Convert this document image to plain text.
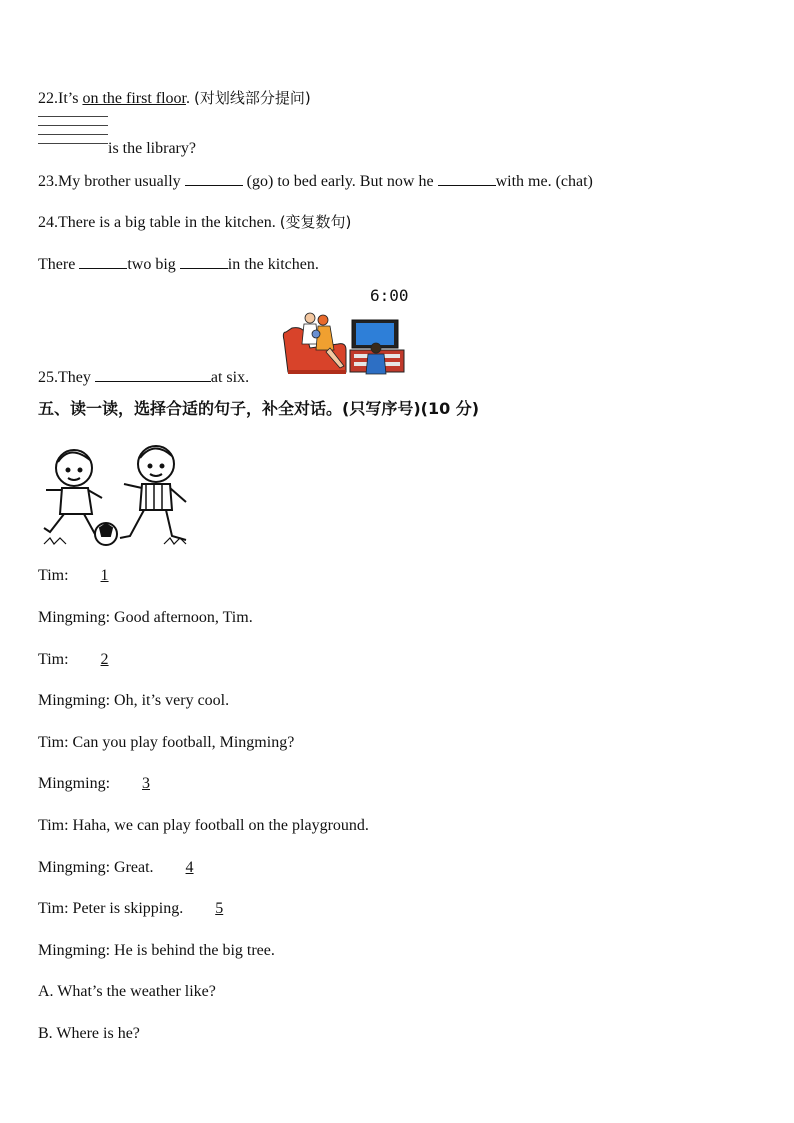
22.It’s on the first floor. (对划线部分提问)
is the library?
23.My brother usually	(go) to bed early. But now he	with me. (chat)
24.There is a big table in the kitchen. (变复数句)
There	two big	in the kitchen.
6:00
25.They	at six.
五、读一读，选择合适的句子，补全对话。(只写序号)(10 分)
Tim: 1
Mingming: Good afternoon, Tim.
Tim: 2
Mingming: Oh, it’s very cool.
Tim: Can you play football, Mingming?
Mingming: 3
Tim: Haha, we can play football on the playground.
Mingming: Great. 4
Tim: Peter is skipping. 5
Mingming: He is behind the big tree.
A. What’s the weather like?
B. Where is he?
